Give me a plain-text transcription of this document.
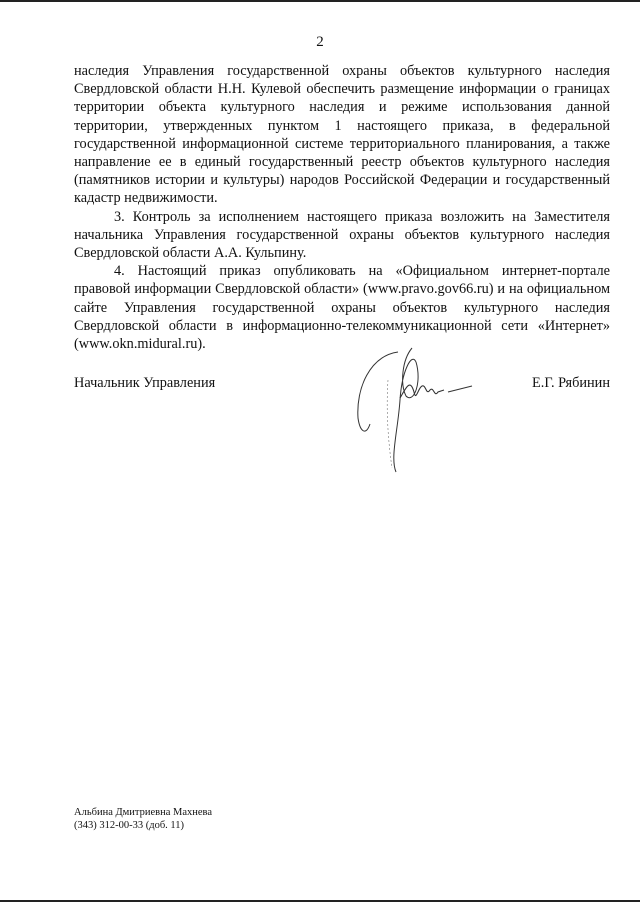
2

наследия Управления государственной охраны объектов культурного наследия Свердловской области Н.Н. Кулевой обеспечить размещение информации о границах территории объекта культурного наследия и режиме использования данной территории, утвержденных пунктом 1 настоящего приказа, в федеральной государственной информационной системе территориального планирования, а также направление ее в единый государственный реестр объектов культурного наследия (памятников истории и культуры) народов Российской Федерации и государственный кадастр недвижимости.

3. Контроль за исполнением настоящего приказа возложить на Заместителя начальника Управления государственной охраны объектов культурного наследия Свердловской области А.А. Кульпину.

4. Настоящий приказ опубликовать на «Официальном интернет-портале правовой информации Свердловской области» (www.pravo.gov66.ru) и на официальном сайте Управления государственной охраны объектов культурного наследия Свердловской области в информационно-телекоммуникационной сети «Интернет» (www.okn.midural.ru).

Начальник Управления	Е.Г. Рябинин
Альбина Дмитриевна Махнева
(343) 312-00-33 (доб. 11)
